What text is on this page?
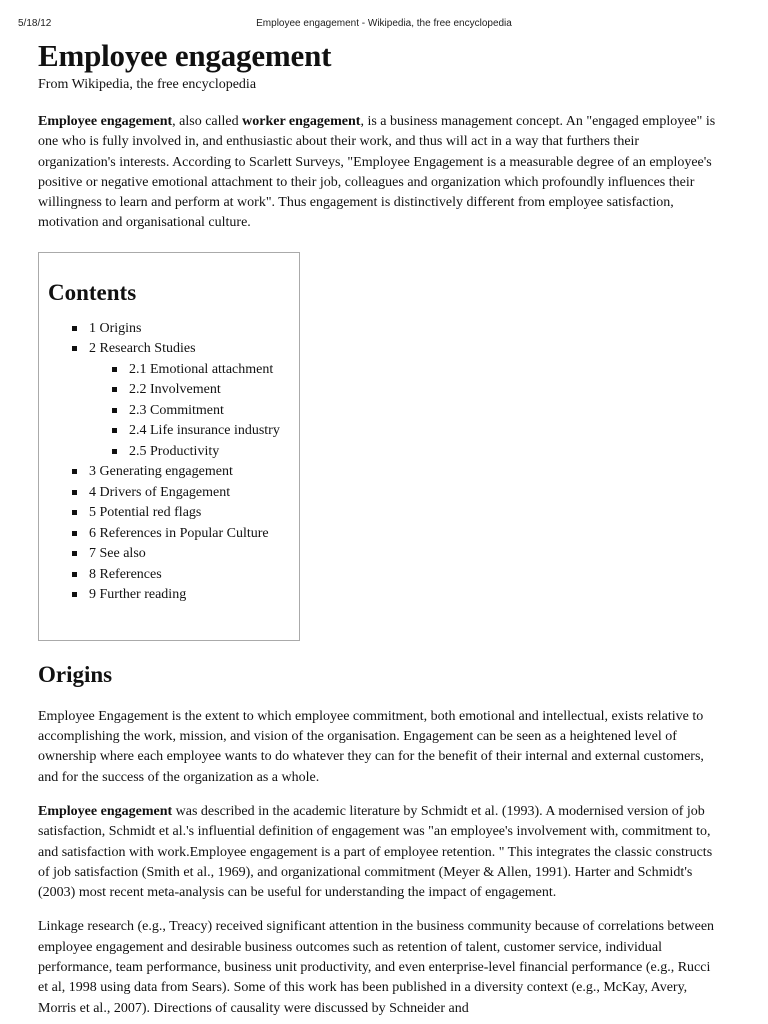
5/18/12	Employee engagement - Wikipedia, the free encyclopedia
Employee engagement
From Wikipedia, the free encyclopedia

Employee engagement, also called worker engagement, is a business management concept. An "engaged employee" is one who is fully involved in, and enthusiastic about their work, and thus will act in a way that furthers their organization's interests. According to Scarlett Surveys, "Employee Engagement is a measurable degree of an employee's positive or negative emotional attachment to their job, colleagues and organization which profoundly influences their willingness to learn and perform at work". Thus engagement is distinctively different from employee satisfaction, motivation and organisational culture.

Contents
1 Origins
2 Research Studies
2.1 Emotional attachment
2.2 Involvement
2.3 Commitment
2.4 Life insurance industry
2.5 Productivity
3 Generating engagement
4 Drivers of Engagement
5 Potential red flags
6 References in Popular Culture
7 See also
8 References
9 Further reading
Origins

Employee Engagement is the extent to which employee commitment, both emotional and intellectual, exists relative to accomplishing the work, mission, and vision of the organisation. Engagement can be seen as a heightened level of ownership where each employee wants to do whatever they can for the benefit of their internal and external customers, and for the success of the organization as a whole.

Employee engagement was described in the academic literature by Schmidt et al. (1993). A modernised version of job satisfaction, Schmidt et al.'s influential definition of engagement was "an employee's involvement with, commitment to, and satisfaction with work.Employee engagement is a part of employee retention. " This integrates the classic constructs of job satisfaction (Smith et al., 1969), and organizational commitment (Meyer & Allen, 1991). Harter and Schmidt's (2003) most recent meta-analysis can be useful for understanding the impact of engagement.

Linkage research (e.g., Treacy) received significant attention in the business community because of correlations between employee engagement and desirable business outcomes such as retention of talent, customer service, individual performance, team performance, business unit productivity, and even enterprise-level financial performance (e.g., Rucci et al, 1998 using data from Sears). Some of this work has been published in a diversity context (e.g., McKay, Avery, Morris et al., 2007). Directions of causality were discussed by Schneider and
